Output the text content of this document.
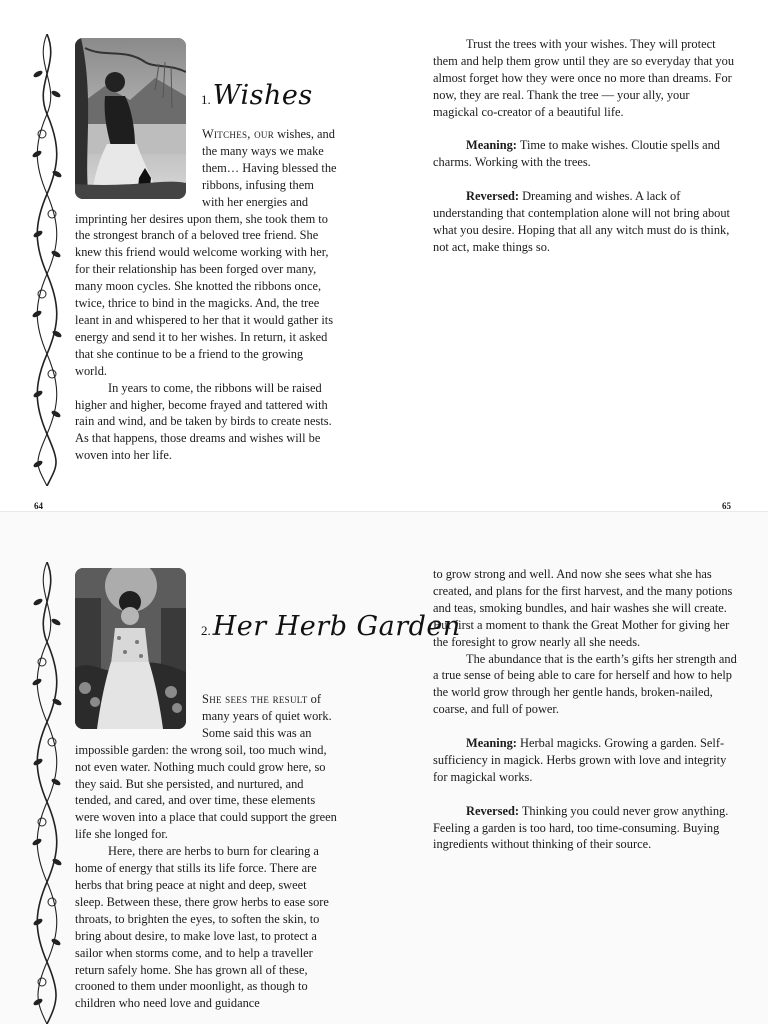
1.Wishes

Witches, our wishes, and the many ways we make them… Having blessed the ribbons, infusing them with her energies and imprinting her desires upon them, she took them to the strongest branch of a beloved tree friend. She knew this friend would welcome working with her, for their relationship has been forged over many, many moon cycles. She knotted the ribbons once, twice, thrice to bind in the magicks. And, the tree leant in and whispered to her that it would gather its energy and send it to her wishes. In return, it asked that she continue to be a friend to the growing world.

In years to come, the ribbons will be raised higher and higher, become frayed and tattered with rain and wind, and be taken by birds to create nests. As that happens, those dreams and wishes will be woven into her life.

Trust the trees with your wishes. They will protect them and help them grow until they are so everyday that you almost forget how they were once no more than dreams. For now, they are real. Thank the tree — your ally, your magickal co-creator of a beautiful life.

Meaning: Time to make wishes. Cloutie spells and charms. Working with the trees.

Reversed: Dreaming and wishes. A lack of understanding that contemplation alone will not bring about what you desire. Hoping that all any witch must do is think, not act, make things so.

64	65
2.Her Herb Garden

She sees the result of many years of quiet work. Some said this was an impossible garden: the wrong soil, too much wind, not even water. Nothing much could grow here, so they said. But she persisted, and nurtured, and tended, and cared, and over time, these elements were woven into a place that could support the green life she longed for.

Here, there are herbs to burn for clearing a home of energy that stills its life force. There are herbs that bring peace at night and deep, sweet sleep. Between these, there grow herbs to ease sore throats, to brighten the eyes, to soften the skin, to bring about desire, to make love last, to protect a sailor when storms come, and to help a traveller return safely home. She has grown all of these, crooned to them under moonlight, as though to children who need love and guidance

to grow strong and well. And now she sees what she has created, and plans for the first harvest, and the many potions and teas, smoking bundles, and hair washes she will create. But first a moment to thank the Great Mother for giving her the foresight to grow nearly all she needs.

The abundance that is the earth’s gifts her strength and a true sense of being able to care for herself and how to help the world grow through her gentle hands, broken-nailed, coarse, and full of power.

Meaning: Herbal magicks. Growing a garden. Self-sufficiency in magick. Herbs grown with love and integrity for magickal works.

Reversed: Thinking you could never grow anything. Feeling a garden is too hard, too time-consuming. Buying ingredients without thinking of their source.
